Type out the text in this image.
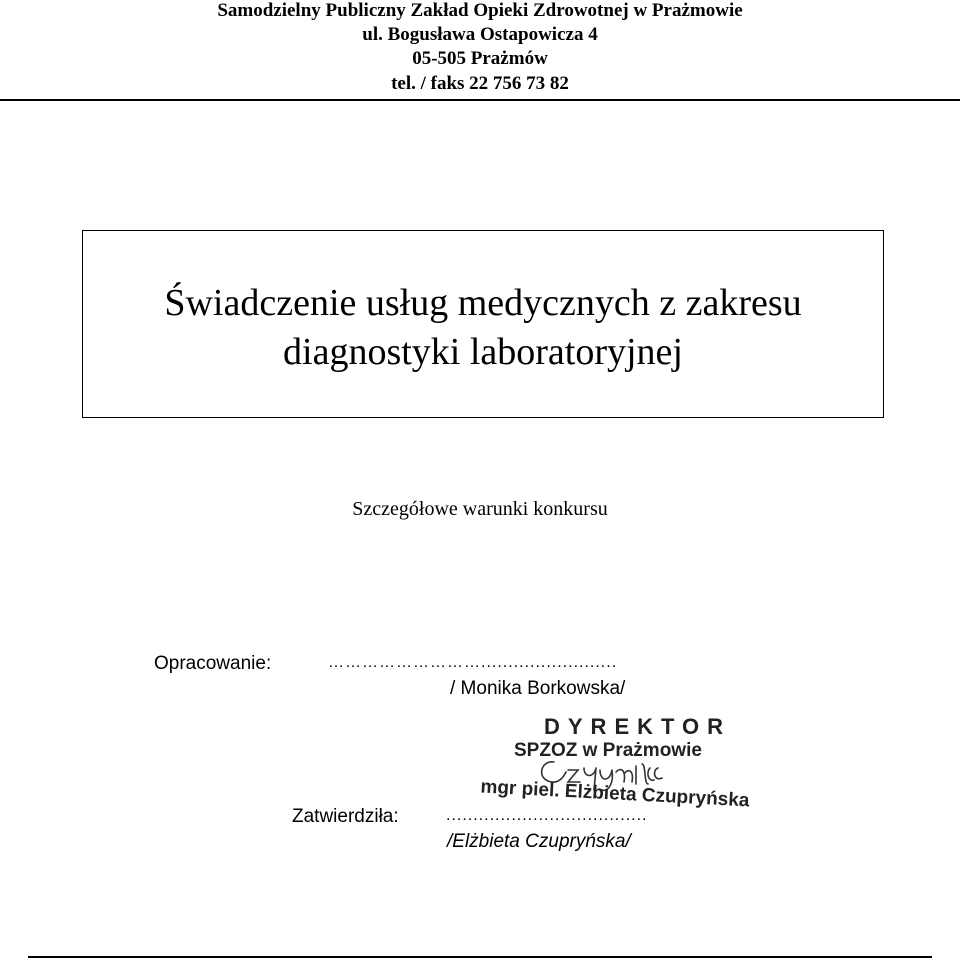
Samodzielny Publiczny Zakład Opieki Zdrowotnej w Prażmowie
ul. Bogusława Ostapowicza 4
05-505 Prażmów
tel. / faks 22 756 73 82
Świadczenie usług medycznych z zakresu
diagnostyki laboratoryjnej
Szczegółowe warunki konkursu
Opracowanie:	……………………….........................
/ Monika Borkowska/
DYREKTOR
SPZOZ w Prażmowie
mgr piel. Elżbieta Czupryńska
Zatwierdziła:	.....................................
/Elżbieta Czupryńska/
